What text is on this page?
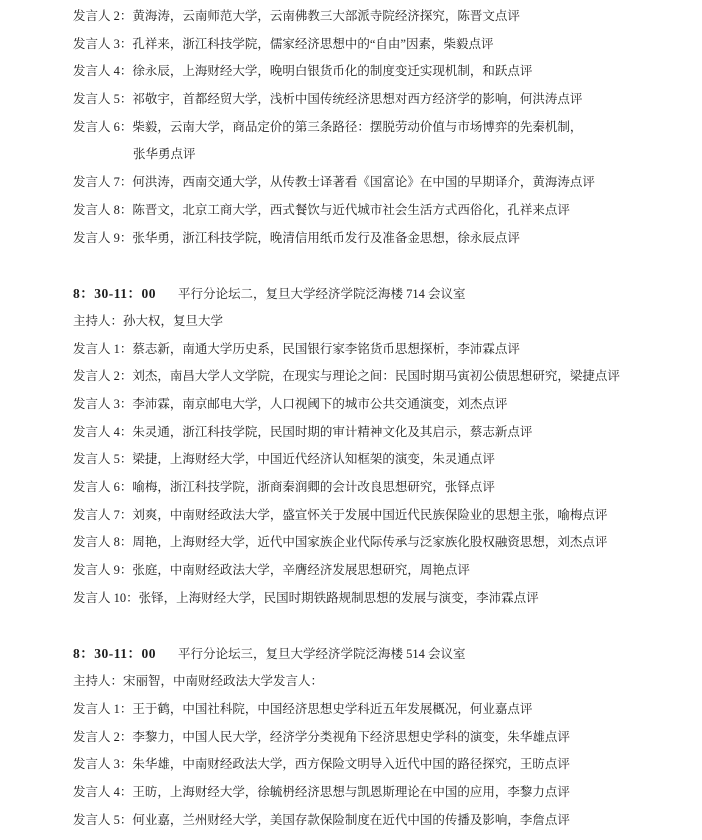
发言人 2：黄海涛，云南师范大学，云南佛教三大部派寺院经济探究，陈晋文点评
发言人 3：孔祥来，浙江科技学院，儒家经济思想中的“自由”因素，柴毅点评
发言人 4：徐永辰，上海财经大学，晚明白银货币化的制度变迁实现机制，和跃点评
发言人 5：祁敬宇，首都经贸大学，浅析中国传统经济思想对西方经济学的影响，何洪涛点评
发言人 6：柴毅，云南大学，商品定价的第三条路径：摆脱劳动价值与市场博弈的先秦机制，
张华勇点评
发言人 7：何洪涛，西南交通大学，从传教士译著看《国富论》在中国的早期译介，黄海涛点评
发言人 8：陈晋文，北京工商大学，西式餐饮与近代城市社会生活方式西俗化，孔祥来点评
发言人 9：张华勇，浙江科技学院，晚清信用纸币发行及准备金思想，徐永辰点评
8：30-11：00 平行分论坛二，复旦大学经济学院泛海楼 714 会议室
主持人：孙大权，复旦大学
发言人 1：蔡志新，南通大学历史系，民国银行家李铭货币思想探析，李沛霖点评
发言人 2：刘杰，南昌大学人文学院，在现实与理论之间：民国时期马寅初公债思想研究，梁捷点评
发言人 3：李沛霖，南京邮电大学，人口视阈下的城市公共交通演变，刘杰点评
发言人 4：朱灵通，浙江科技学院，民国时期的审计精神文化及其启示，蔡志新点评
发言人 5：梁捷，上海财经大学，中国近代经济认知框架的演变，朱灵通点评
发言人 6：喻梅，浙江科技学院，浙商秦润卿的会计改良思想研究，张铎点评
发言人 7：刘爽，中南财经政法大学，盛宣怀关于发展中国近代民族保险业的思想主张，喻梅点评
发言人 8：周艳，上海财经大学，近代中国家族企业代际传承与泛家族化股权融资思想，刘杰点评
发言人 9：张庭，中南财经政法大学，辛膺经济发展思想研究，周艳点评
发言人 10：张铎，上海财经大学，民国时期铁路规制思想的发展与演变，李沛霖点评
8：30-11：00 平行分论坛三，复旦大学经济学院泛海楼 514 会议室
主持人：宋丽智，中南财经政法大学发言人：
发言人 1：王于鹤，中国社科院，中国经济思想史学科近五年发展概况，何业嘉点评
发言人 2：李黎力，中国人民大学，经济学分类视角下经济思想史学科的演变，朱华雄点评
发言人 3：朱华雄，中南财经政法大学，西方保险文明导入近代中国的路径探究，王昉点评
发言人 4：王昉，上海财经大学，徐毓枬经济思想与凯恩斯理论在中国的应用，李黎力点评
发言人 5：何业嘉，兰州财经大学，美国存款保险制度在近代中国的传播及影响，李詹点评
